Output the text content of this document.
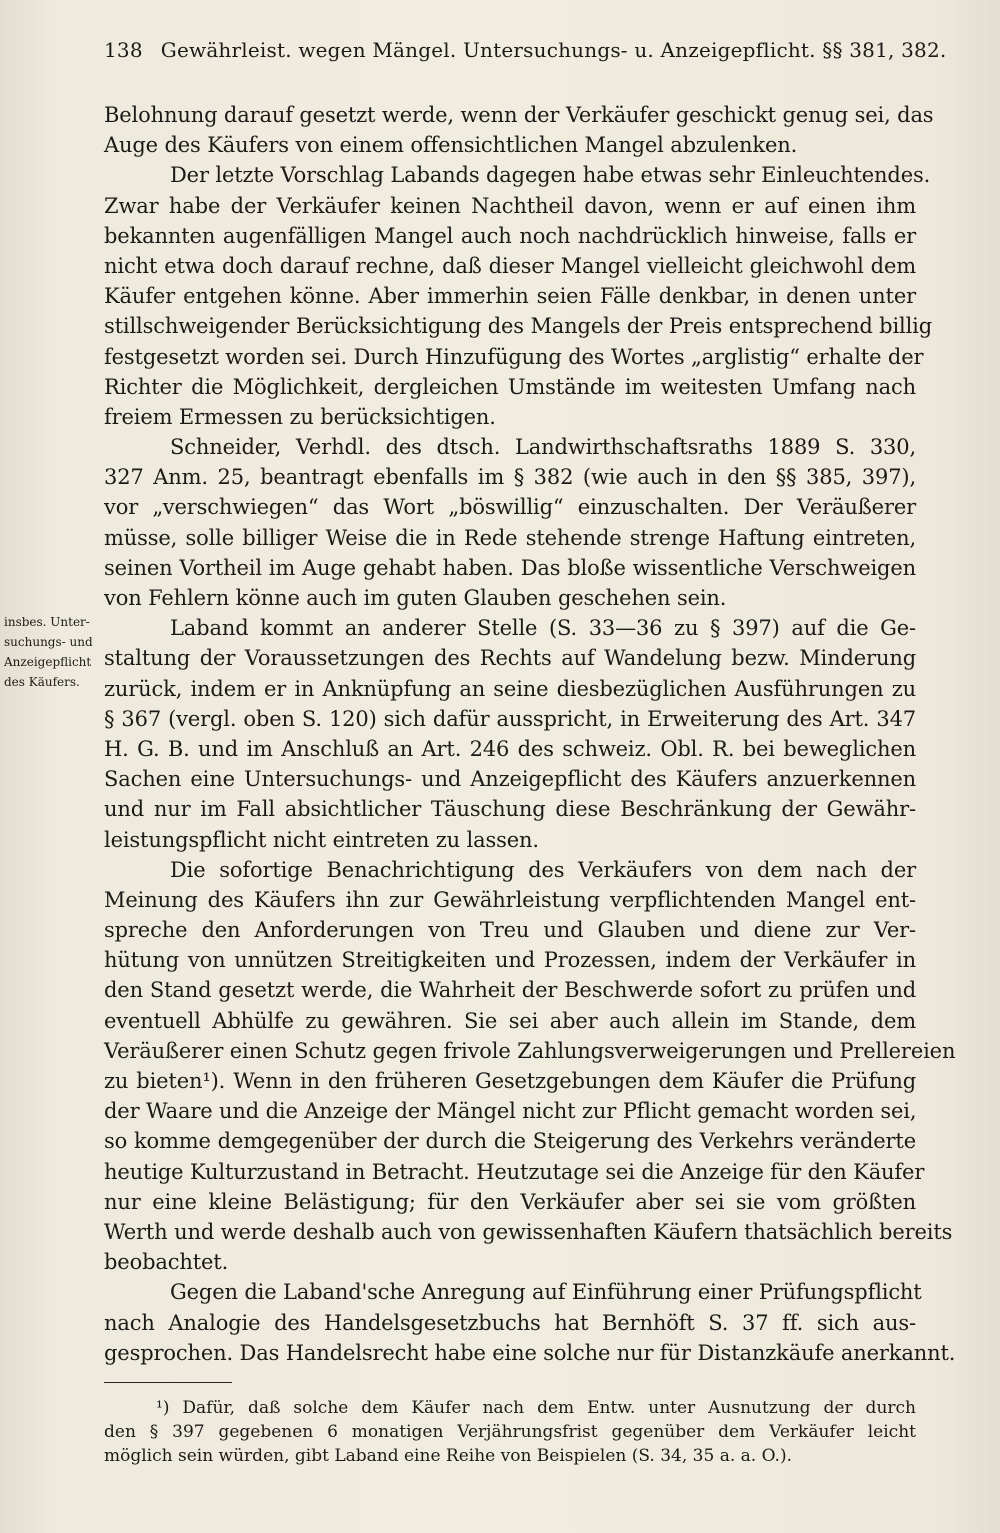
138 Gewährleist. wegen Mängel. Untersuchungs- u. Anzeigepflicht. §§ 381, 382.
insbes. Unter-
suchungs- und
Anzeigepflicht
des Käufers.
Belohnung darauf gesetzt werde, wenn der Verkäufer geschickt genug sei, das
Auge des Käufers von einem offensichtlichen Mangel abzulenken.
Der letzte Vorschlag Labands dagegen habe etwas sehr Einleuchtendes.
Zwar habe der Verkäufer keinen Nachtheil davon, wenn er auf einen ihm
bekannten augenfälligen Mangel auch noch nachdrücklich hinweise, falls er
nicht etwa doch darauf rechne, daß dieser Mangel vielleicht gleichwohl dem
Käufer entgehen könne. Aber immerhin seien Fälle denkbar, in denen unter
stillschweigender Berücksichtigung des Mangels der Preis entsprechend billig
festgesetzt worden sei. Durch Hinzufügung des Wortes „arglistig“ erhalte der
Richter die Möglichkeit, dergleichen Umstände im weitesten Umfang nach
freiem Ermessen zu berücksichtigen.
Schneider, Verhdl. des dtsch. Landwirthschaftsraths 1889 S. 330,
327 Anm. 25, beantragt ebenfalls im § 382 (wie auch in den §§ 385, 397),
vor „verschwiegen“ das Wort „böswillig“ einzuschalten. Der Veräußerer
müsse, solle billiger Weise die in Rede stehende strenge Haftung eintreten,
seinen Vortheil im Auge gehabt haben. Das bloße wissentliche Verschweigen
von Fehlern könne auch im guten Glauben geschehen sein.
Laband kommt an anderer Stelle (S. 33—36 zu § 397) auf die Ge-
staltung der Voraussetzungen des Rechts auf Wandelung bezw. Minderung
zurück, indem er in Anknüpfung an seine diesbezüglichen Ausführungen zu
§ 367 (vergl. oben S. 120) sich dafür ausspricht, in Erweiterung des Art. 347
H. G. B. und im Anschluß an Art. 246 des schweiz. Obl. R. bei beweglichen
Sachen eine Untersuchungs- und Anzeigepflicht des Käufers anzuerkennen
und nur im Fall absichtlicher Täuschung diese Beschränkung der Gewähr-
leistungspflicht nicht eintreten zu lassen.
Die sofortige Benachrichtigung des Verkäufers von dem nach der
Meinung des Käufers ihn zur Gewährleistung verpflichtenden Mangel ent-
spreche den Anforderungen von Treu und Glauben und diene zur Ver-
hütung von unnützen Streitigkeiten und Prozessen, indem der Verkäufer in
den Stand gesetzt werde, die Wahrheit der Beschwerde sofort zu prüfen und
eventuell Abhülfe zu gewähren. Sie sei aber auch allein im Stande, dem
Veräußerer einen Schutz gegen frivole Zahlungsverweigerungen und Prellereien
zu bieten¹). Wenn in den früheren Gesetzgebungen dem Käufer die Prüfung
der Waare und die Anzeige der Mängel nicht zur Pflicht gemacht worden sei,
so komme demgegenüber der durch die Steigerung des Verkehrs veränderte
heutige Kulturzustand in Betracht. Heutzutage sei die Anzeige für den Käufer
nur eine kleine Belästigung; für den Verkäufer aber sei sie vom größten
Werth und werde deshalb auch von gewissenhaften Käufern thatsächlich bereits
beobachtet.
Gegen die Laband'sche Anregung auf Einführung einer Prüfungspflicht
nach Analogie des Handelsgesetzbuchs hat Bernhöft S. 37 ff. sich aus-
gesprochen. Das Handelsrecht habe eine solche nur für Distanzkäufe anerkannt.
¹) Dafür, daß solche dem Käufer nach dem Entw. unter Ausnutzung der durch
den § 397 gegebenen 6 monatigen Verjährungsfrist gegenüber dem Verkäufer leicht
möglich sein würden, gibt Laband eine Reihe von Beispielen (S. 34, 35 a. a. O.).
